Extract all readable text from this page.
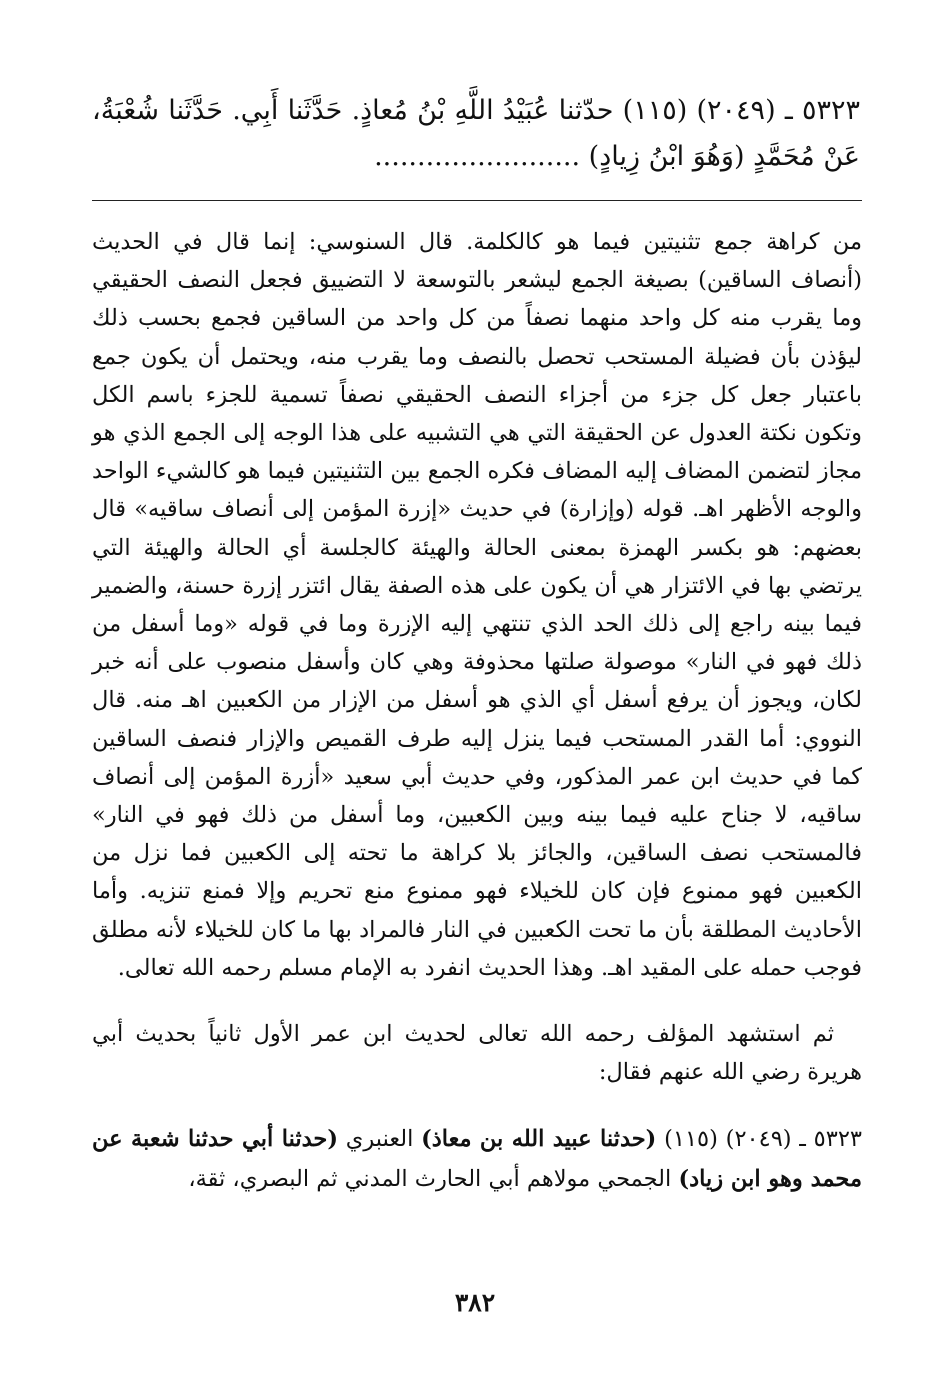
٥٣٢٣ ـ (٢٠٤٩) (١١٥) حدّثنا عُبَيْدُ اللَّهِ بْنُ مُعاذٍ. حَدَّثَنا أَبِي. حَدَّثَنا شُعْبَةُ، عَنْ مُحَمَّدٍ (وَهُوَ ابْنُ زِيادٍ) ........................

من كراهة جمع تثنيتين فيما هو كالكلمة. قال السنوسي: إنما قال في الحديث (أنصاف الساقين) بصيغة الجمع ليشعر بالتوسعة لا التضييق فجعل النصف الحقيقي وما يقرب منه كل واحد منهما نصفاً من كل واحد من الساقين فجمع بحسب ذلك ليؤذن بأن فضيلة المستحب تحصل بالنصف وما يقرب منه، ويحتمل أن يكون جمع باعتبار جعل كل جزء من أجزاء النصف الحقيقي نصفاً تسمية للجزء باسم الكل وتكون نكتة العدول عن الحقيقة التي هي التشبيه على هذا الوجه إلى الجمع الذي هو مجاز لتضمن المضاف إليه المضاف فكره الجمع بين التثنيتين فيما هو كالشيء الواحد والوجه الأظهر اهـ. قوله (وإزارة) في حديث «إزرة المؤمن إلى أنصاف ساقيه» قال بعضهم: هو بكسر الهمزة بمعنى الحالة والهيئة كالجلسة أي الحالة والهيئة التي يرتضي بها في الائتزار هي أن يكون على هذه الصفة يقال ائتزر إزرة حسنة، والضمير فيما بينه راجع إلى ذلك الحد الذي تنتهي إليه الإزرة وما في قوله «وما أسفل من ذلك فهو في النار» موصولة صلتها محذوفة وهي كان وأسفل منصوب على أنه خبر لكان، ويجوز أن يرفع أسفل أي الذي هو أسفل من الإزار من الكعبين اهـ منه. قال النووي: أما القدر المستحب فيما ينزل إليه طرف القميص والإزار فنصف الساقين كما في حديث ابن عمر المذكور، وفي حديث أبي سعيد «أزرة المؤمن إلى أنصاف ساقيه، لا جناح عليه فيما بينه وبين الكعبين، وما أسفل من ذلك فهو في النار» فالمستحب نصف الساقين، والجائز بلا كراهة ما تحته إلى الكعبين فما نزل من الكعبين فهو ممنوع فإن كان للخيلاء فهو ممنوع منع تحريم وإلا فمنع تنزيه. وأما الأحاديث المطلقة بأن ما تحت الكعبين في النار فالمراد بها ما كان للخيلاء لأنه مطلق فوجب حمله على المقيد اهـ. وهذا الحديث انفرد به الإمام مسلم رحمه الله تعالى.

ثم استشهد المؤلف رحمه الله تعالى لحديث ابن عمر الأول ثانياً بحديث أبي هريرة رضي الله عنهم فقال:

٥٣٢٣ ـ (٢٠٤٩) (١١٥) (حدثنا عبيد الله بن معاذ) العنبري (حدثنا أبي حدثنا شعبة عن محمد وهو ابن زياد) الجمحي مولاهم أبي الحارث المدني ثم البصري، ثقة،

٣٨٢
